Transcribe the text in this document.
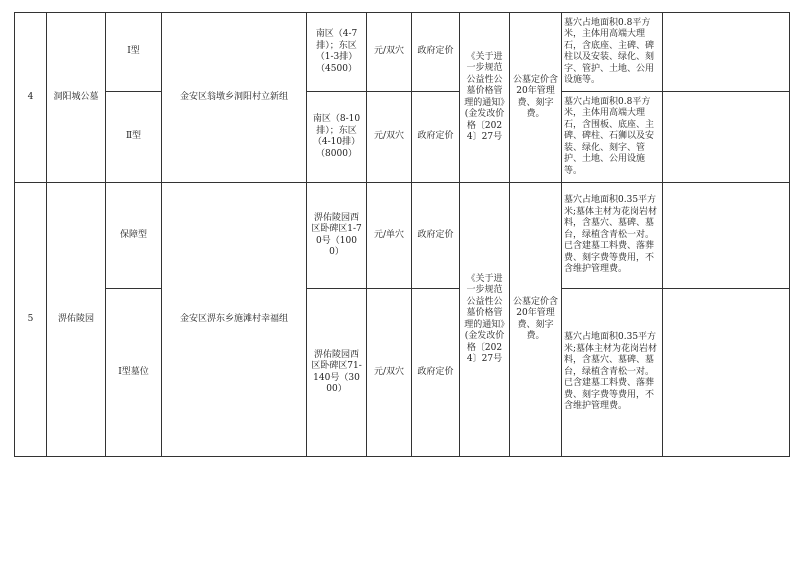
4	洞阳城公墓	Ⅰ型	金安区翁墩乡洞阳村立新组	南区（4-7排）；东区（1-3排）（4500）	元/双穴	政府定价	《关于进一步规范公益性公墓价格管理的通知》(金发改价格〔2024〕27号	公墓定价含20年管理费、刻字费。	墓穴占地面积0.8平方米，主体用高端大理石，含底座、主碑、碑柱以及安装、绿化、刻字、管护、土地、公用设施等。	
		Ⅱ型		南区（8-10排）；东区（4-10排）（8000）	元/双穴	政府定价			墓穴占地面积0.8平方米，主体用高端大理石，含围板、底座、主碑、碑柱、石狮以及安装、绿化、刻字、管护、土地、公用设施等。	
5	淠佑陵园	保障型	金安区淠东乡施滩村幸福组	淠佑陵园西区卧碑区1-70号（1000）	元/单穴	政府定价	《关于进一步规范公益性公墓价格管理的通知》(金发改价格〔2024〕27号	公墓定价含20年管理费、刻字费。	墓穴占地面积0.35平方米;墓体主材为花岗岩材料，含墓穴、墓碑、墓台，绿植含青松一对。已含建墓工料费、落葬费、刻字费等费用，不含维护管理费。	
		Ⅰ型墓位		淠佑陵园西区卧碑区71-140号（3000）	元/双穴	政府定价			墓穴占地面积0.35平方米;墓体主材为花岗岩材料，含墓穴、墓碑、墓台，绿植含青松一对。已含建墓工料费、落葬费、刻字费等费用，不含维护管理费。	
